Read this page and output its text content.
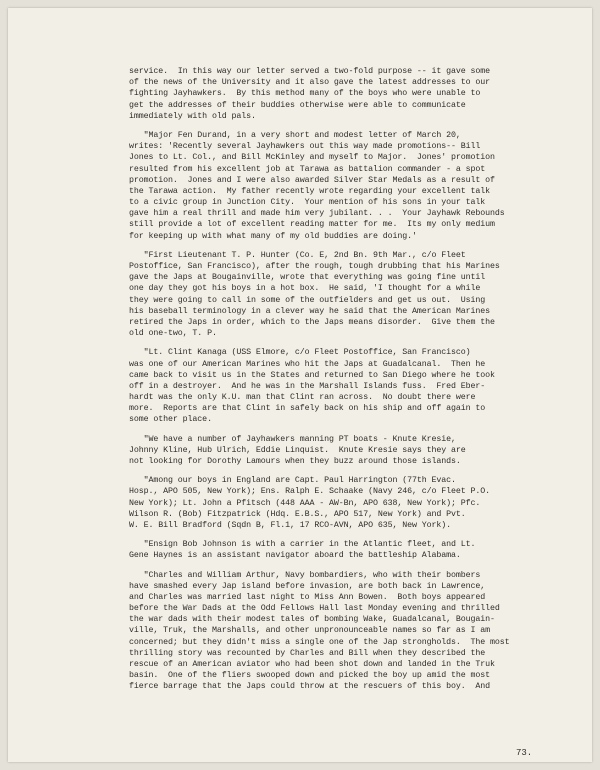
service.  In this way our letter served a two-fold purpose -- it gave some
of the news of the University and it also gave the latest addresses to our
fighting Jayhawkers.  By this method many of the boys who were unable to
get the addresses of their buddies otherwise were able to communicate
immediately with old pals.
"Major Fen Durand, in a very short and modest letter of March 20,
writes: 'Recently several Jayhawkers out this way made promotions-- Bill
Jones to Lt. Col., and Bill McKinley and myself to Major.  Jones' promotion
resulted from his excellent job at Tarawa as battalion commander - a spot
promotion.  Jones and I were also awarded Silver Star Medals as a result of
the Tarawa action.  My father recently wrote regarding your excellent talk
to a civic group in Junction City.  Your mention of his sons in your talk
gave him a real thrill and made him very jubilant. . .  Your Jayhawk Rebounds
still provide a lot of excellent reading matter for me.  Its my only medium
for keeping up with what many of my old buddies are doing.'
"First Lieutenant T. P. Hunter (Co. E, 2nd Bn. 9th Mar., c/o Fleet
Postoffice, San Francisco), after the rough, tough drubbing that his Marines
gave the Japs at Bougainville, wrote that everything was going fine until
one day they got his boys in a hot box.  He said, 'I thought for a while
they were going to call in some of the outfielders and get us out.  Using
his baseball terminology in a clever way he said that the American Marines
retired the Japs in order, which to the Japs means disorder.  Give them the
old one-two, T. P.
"Lt. Clint Kanaga (USS Elmore, c/o Fleet Postoffice, San Francisco)
was one of our American Marines who hit the Japs at Guadalcanal.  Then he
came back to visit us in the States and returned to San Diego where he took
off in a destroyer.  And he was in the Marshall Islands fuss.  Fred Eber-
hardt was the only K.U. man that Clint ran across.  No doubt there were
more.  Reports are that Clint in safely back on his ship and off again to
some other place.
"We have a number of Jayhawkers manning PT boats - Knute Kresie,
Johnny Kline, Hub Ulrich, Eddie Linquist.  Knute Kresie says they are
not looking for Dorothy Lamours when they buzz around those islands.
"Among our boys in England are Capt. Paul Harrington (77th Evac.
Hosp., APO 505, New York); Ens. Ralph E. Schaake (Navy 246, c/o Fleet P.O.
New York); Lt. John a Pfitsch (448 AAA - AW-Bn, APO 638, New York); Pfc.
Wilson R. (Bob) Fitzpatrick (Hdq. E.B.S., APO 517, New York) and Pvt.
W. E. Bill Bradford (Sqdn B, Fl.1, 17 RCO-AVN, APO 635, New York).
"Ensign Bob Johnson is with a carrier in the Atlantic fleet, and Lt.
Gene Haynes is an assistant navigator aboard the battleship Alabama.
"Charles and William Arthur, Navy bombardiers, who with their bombers
have smashed every Jap island before invasion, are both back in Lawrence,
and Charles was married last night to Miss Ann Bowen.  Both boys appeared
before the War Dads at the Odd Fellows Hall last Monday evening and thrilled
the war dads with their modest tales of bombing Wake, Guadalcanal, Bougain-
ville, Truk, the Marshalls, and other unpronounceable names so far as I am
concerned; but they didn't miss a single one of the Jap strongholds.  The most
thrilling story was recounted by Charles and Bill when they described the
rescue of an American aviator who had been shot down and landed in the Truk
basin.  One of the fliers swooped down and picked the boy up amid the most
fierce barrage that the Japs could throw at the rescuers of this boy.  And
73.
